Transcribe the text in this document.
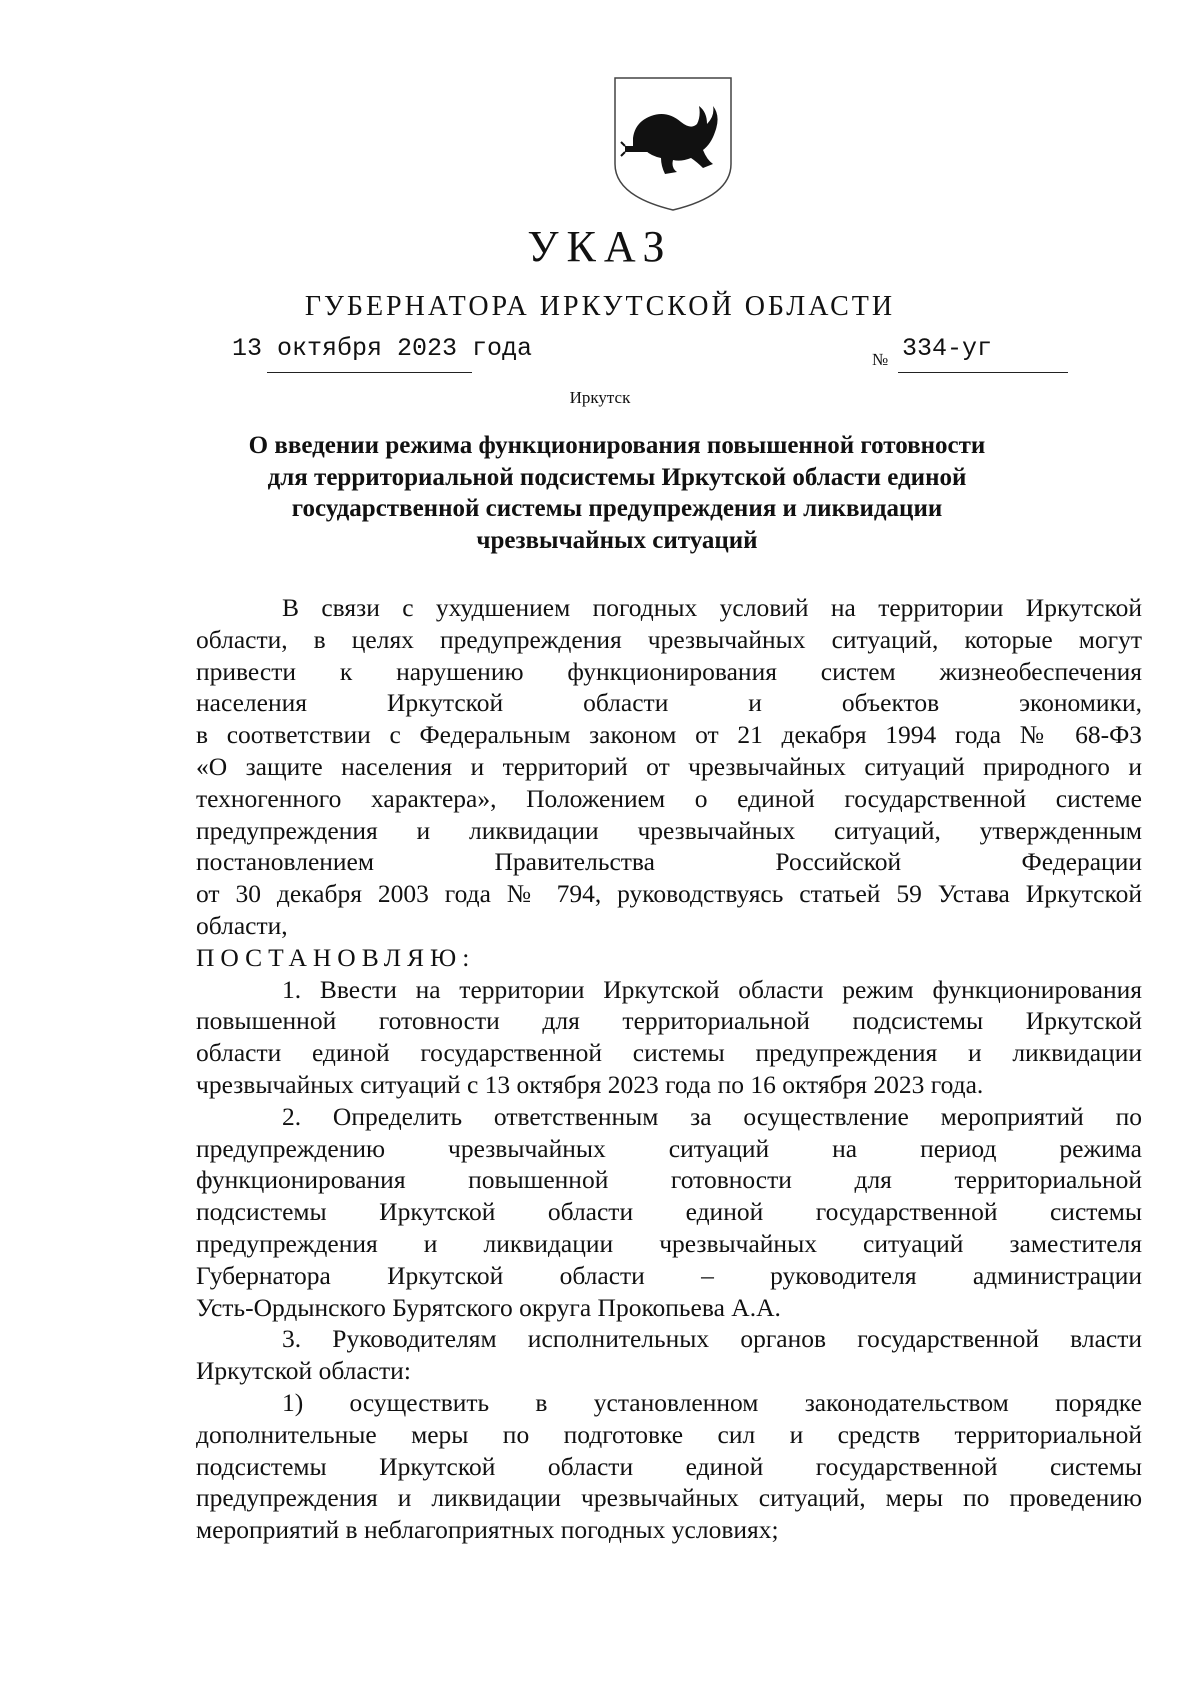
УКАЗ
ГУБЕРНАТОРА ИРКУТСКОЙ ОБЛАСТИ
13 октября 2023 года	№ 334-уг
Иркутск
О введении режима функционирования повышенной готовности
для территориальной подсистемы Иркутской области единой
государственной системы предупреждения и ликвидации
чрезвычайных ситуаций
В связи с ухудшением погодных условий на территории Иркутской
области, в целях предупреждения чрезвычайных ситуаций, которые могут
привести к нарушению функционирования систем жизнеобеспечения
населения Иркутской области и объектов экономики,
в соответствии с Федеральным законом от 21 декабря 1994 года № 68-ФЗ
«О защите населения и территорий от чрезвычайных ситуаций природного и
техногенного характера», Положением о единой государственной системе
предупреждения и ликвидации чрезвычайных ситуаций, утвержденным
постановлением Правительства Российской Федерации
от 30 декабря 2003 года № 794, руководствуясь статьей 59 Устава Иркутской
области,
ПОСТАНОВЛЯЮ:
1. Ввести на территории Иркутской области режим функционирования
повышенной готовности для территориальной подсистемы Иркутской
области единой государственной системы предупреждения и ликвидации
чрезвычайных ситуаций с 13 октября 2023 года по 16 октября 2023 года.
2. Определить ответственным за осуществление мероприятий по
предупреждению чрезвычайных ситуаций на период режима
функционирования повышенной готовности для территориальной
подсистемы Иркутской области единой государственной системы
предупреждения и ликвидации чрезвычайных ситуаций заместителя
Губернатора Иркутской области – руководителя администрации
Усть-Ордынского Бурятского округа Прокопьева А.А.
3. Руководителям исполнительных органов государственной власти
Иркутской области:
1) осуществить в установленном законодательством порядке
дополнительные меры по подготовке сил и средств территориальной
подсистемы Иркутской области единой государственной системы
предупреждения и ликвидации чрезвычайных ситуаций, меры по проведению
мероприятий в неблагоприятных погодных условиях;
